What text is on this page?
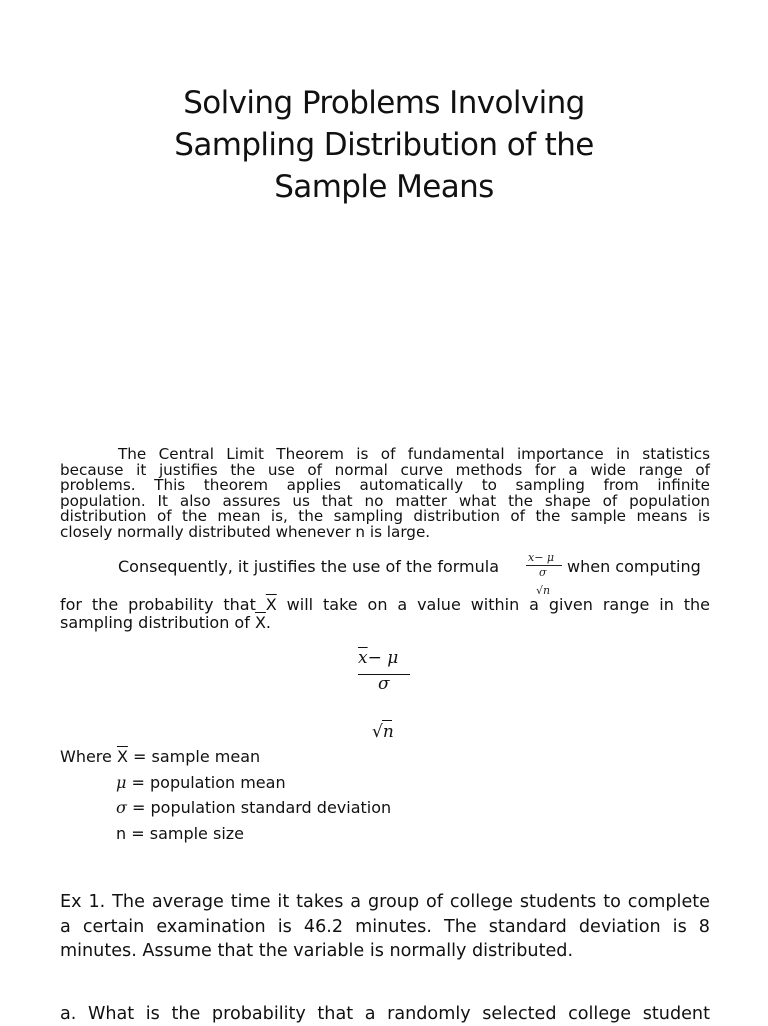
Solving Problems Involving
Sampling Distribution of the
Sample Means
The Central Limit Theorem is of fundamental importance in statistics
because it justifies the use of normal curve methods for a wide range of
problems. This theorem applies automatically to sampling from infinite
population. It also assures us that no matter what the shape of population
distribution of the mean is, the sampling distribution of the sample means is
closely normally distributed whenever n is large.
Consequently, it justifies the use of the formula	x− μ
σ
√n
when computing
for the probability that $\overline{X}$ will take on a value within a given range in the
sampling distribution of $\overline{X}$.
$\overline{x}- \mu$
σ
√n
Where $\overline{X}$ = sample mean
μ = population mean
σ = population standard deviation
n = sample size
Ex 1. The average time it takes a group of college students to complete
a certain examination is 46.2 minutes. The standard deviation is 8
minutes. Assume that the variable is normally distributed.
a. What is the probability that a randomly selected college student
